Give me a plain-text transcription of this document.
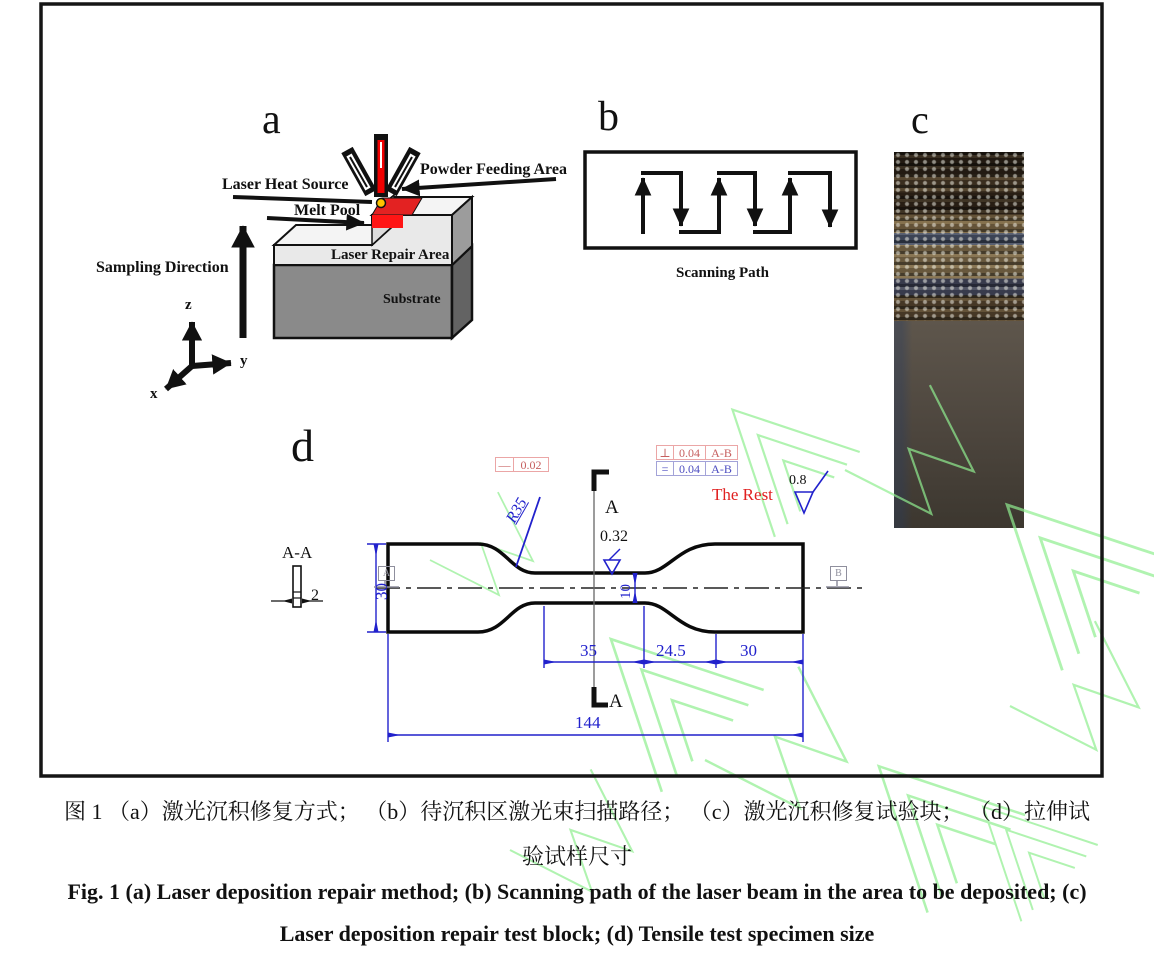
a
Laser Heat Source
Powder Feeding Area
Melt Pool
Laser Repair Area
Substrate
Sampling Direction
z
y
x
b
Scanning Path
c
d
A-A
2	30
R35	A
A
0.32
The Rest
0.8
10
35	24.5	30
144
A	B
— 0.02
⊥ 0.04 A-B
= 0.04 A-B
图 1 （a）激光沉积修复方式； （b）待沉积区激光束扫描路径； （c）激光沉积修复试验块； （d）拉伸试
验试样尺寸
Fig. 1 (a) Laser deposition repair method; (b) Scanning path of the laser beam in the area to be deposited; (c)
Laser deposition repair test block; (d) Tensile test specimen size
